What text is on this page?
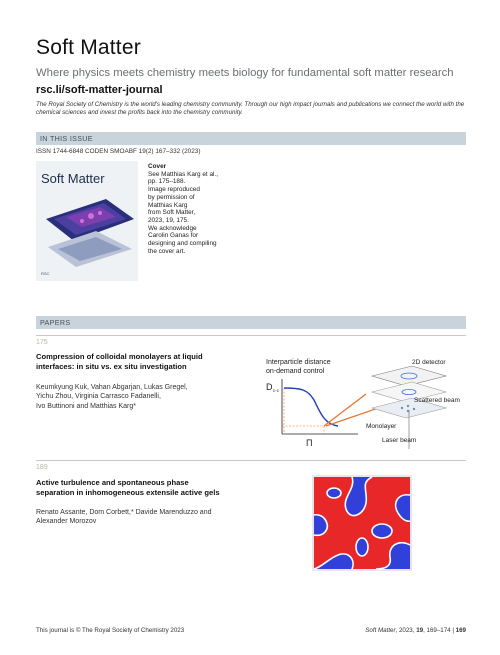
Soft Matter
Where physics meets chemistry meets biology for fundamental soft matter research
rsc.li/soft-matter-journal
The Royal Society of Chemistry is the world's leading chemistry community. Through our high impact journals and publications we connect the world with the chemical sciences and invest the profits back into the chemistry community.
IN THIS ISSUE
ISSN 1744-6848 CODEN SMOABF 19(2) 167–332 (2023)
Soft Matter
RSC
Cover
See Matthias Karg et al.,
pp. 175–188.
Image reproduced
by permission of
Matthias Karg
from Soft Matter,
2023, 19, 175.
We acknowledge
Carolin Ganas for
designing and compiling
the cover art.
PAPERS
175
Compression of colloidal monolayers at liquid
interfaces: in situ vs. ex situ investigation
Keumkyung Kuk, Vahan Abgarjan, Lukas Gregel,
Yichu Zhou, Virginia Carrasco Fadanelli,
Ivo Buttinoni and Matthias Karg*
Interparticle distance
on-demand control
D c-c
Π
2D detector
Scattered beam
Monolayer
Laser beam
189
Active turbulence and spontaneous phase
separation in inhomogeneous extensile active gels
Renato Assante, Dom Corbett,* Davide Marenduzzo and
Alexander Morozov
This journal is © The Royal Society of Chemistry 2023	Soft Matter, 2023, 19, 169–174 | 169
